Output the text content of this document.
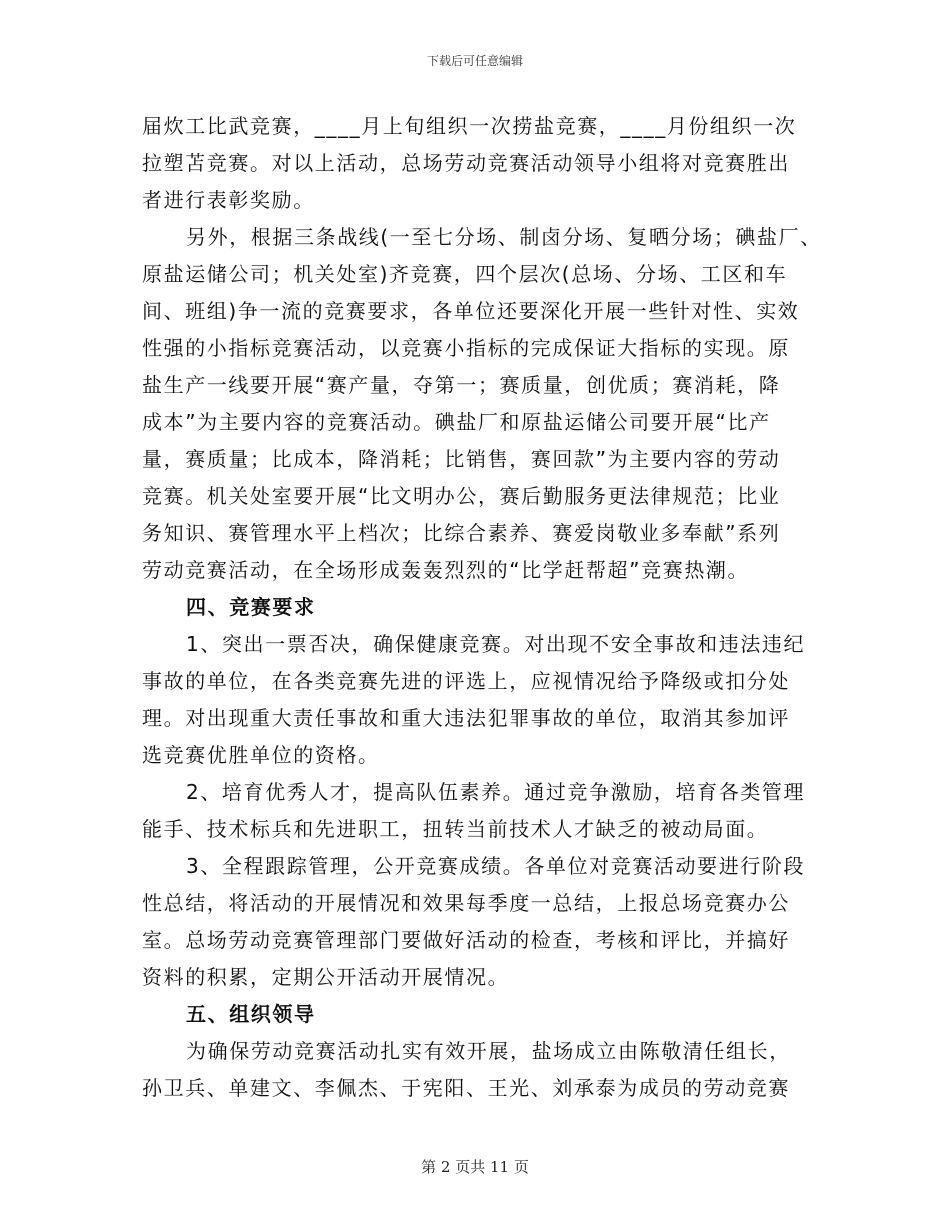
下载后可任意编辑
届炊工比武竞赛，____月上旬组织一次捞盐竞赛，____月份组织一次
拉塑苫竞赛。对以上活动，总场劳动竞赛活动领导小组将对竞赛胜出
者进行表彰奖励。
另外，根据三条战线(一至七分场、制卤分场、复晒分场；碘盐厂、
原盐运储公司；机关处室)齐竞赛，四个层次(总场、分场、工区和车
间、班组)争一流的竞赛要求，各单位还要深化开展一些针对性、实效
性强的小指标竞赛活动，以竞赛小指标的完成保证大指标的实现。原
盐生产一线要开展“赛产量，夺第一；赛质量，创优质；赛消耗，降
成本”为主要内容的竞赛活动。碘盐厂和原盐运储公司要开展“比产
量，赛质量；比成本，降消耗；比销售，赛回款”为主要内容的劳动
竞赛。机关处室要开展“比文明办公，赛后勤服务更法律规范；比业
务知识、赛管理水平上档次；比综合素养、赛爱岗敬业多奉献”系列
劳动竞赛活动，在全场形成轰轰烈烈的“比学赶帮超”竞赛热潮。
四、竞赛要求
1、突出一票否决，确保健康竞赛。对出现不安全事故和违法违纪
事故的单位，在各类竞赛先进的评选上，应视情况给予降级或扣分处
理。对出现重大责任事故和重大违法犯罪事故的单位，取消其参加评
选竞赛优胜单位的资格。
2、培育优秀人才，提高队伍素养。通过竞争激励，培育各类管理
能手、技术标兵和先进职工，扭转当前技术人才缺乏的被动局面。
3、全程跟踪管理，公开竞赛成绩。各单位对竞赛活动要进行阶段
性总结，将活动的开展情况和效果每季度一总结，上报总场竞赛办公
室。总场劳动竞赛管理部门要做好活动的检查，考核和评比，并搞好
资料的积累，定期公开活动开展情况。
五、组织领导
为确保劳动竞赛活动扎实有效开展，盐场成立由陈敬清任组长，
孙卫兵、单建文、李佩杰、于宪阳、王光、刘承泰为成员的劳动竞赛
第 2 页共 11 页
